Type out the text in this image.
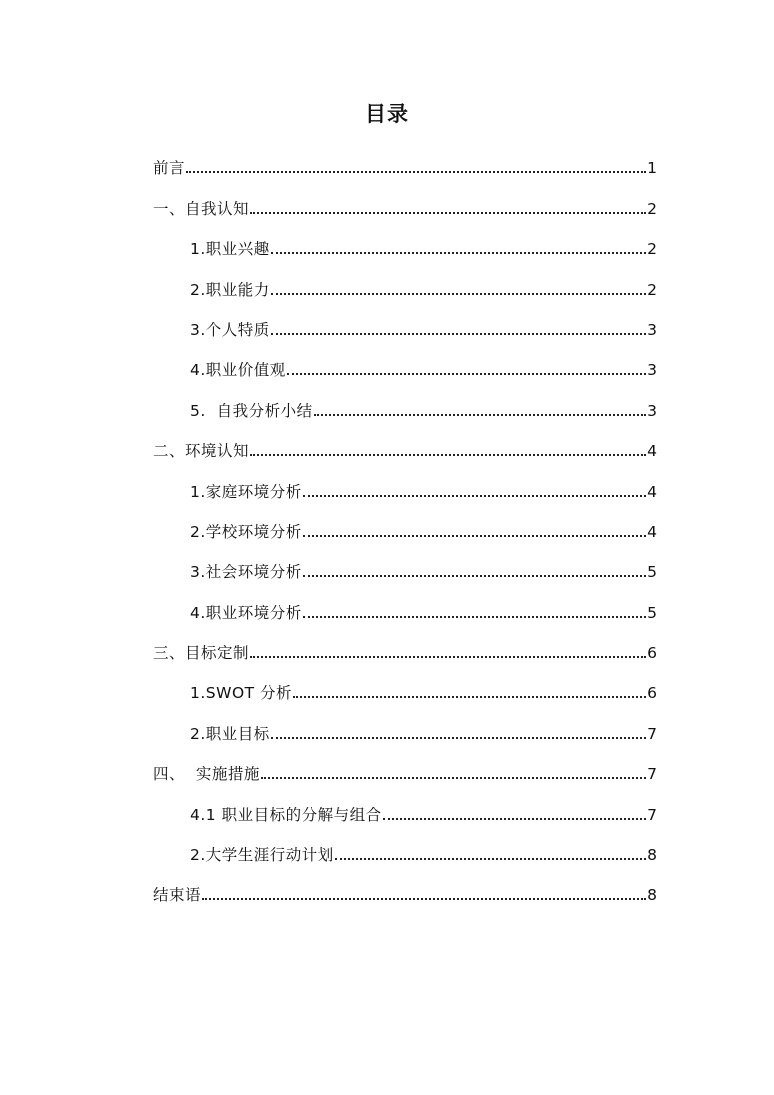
目录
前言	1
一、自我认知	2
1.职业兴趣	2
2.职业能力	2
3.个人特质	3
4.职业价值观	3
5.  自我分析小结	3
二、环境认知	4
1.家庭环境分析	4
2.学校环境分析	4
3.社会环境分析	5
4.职业环境分析	5
三、目标定制	6
1.SWOT 分析	6
2.职业目标	7
四、  实施措施	7
4.1 职业目标的分解与组合	7
2.大学生涯行动计划	8
结束语	8
